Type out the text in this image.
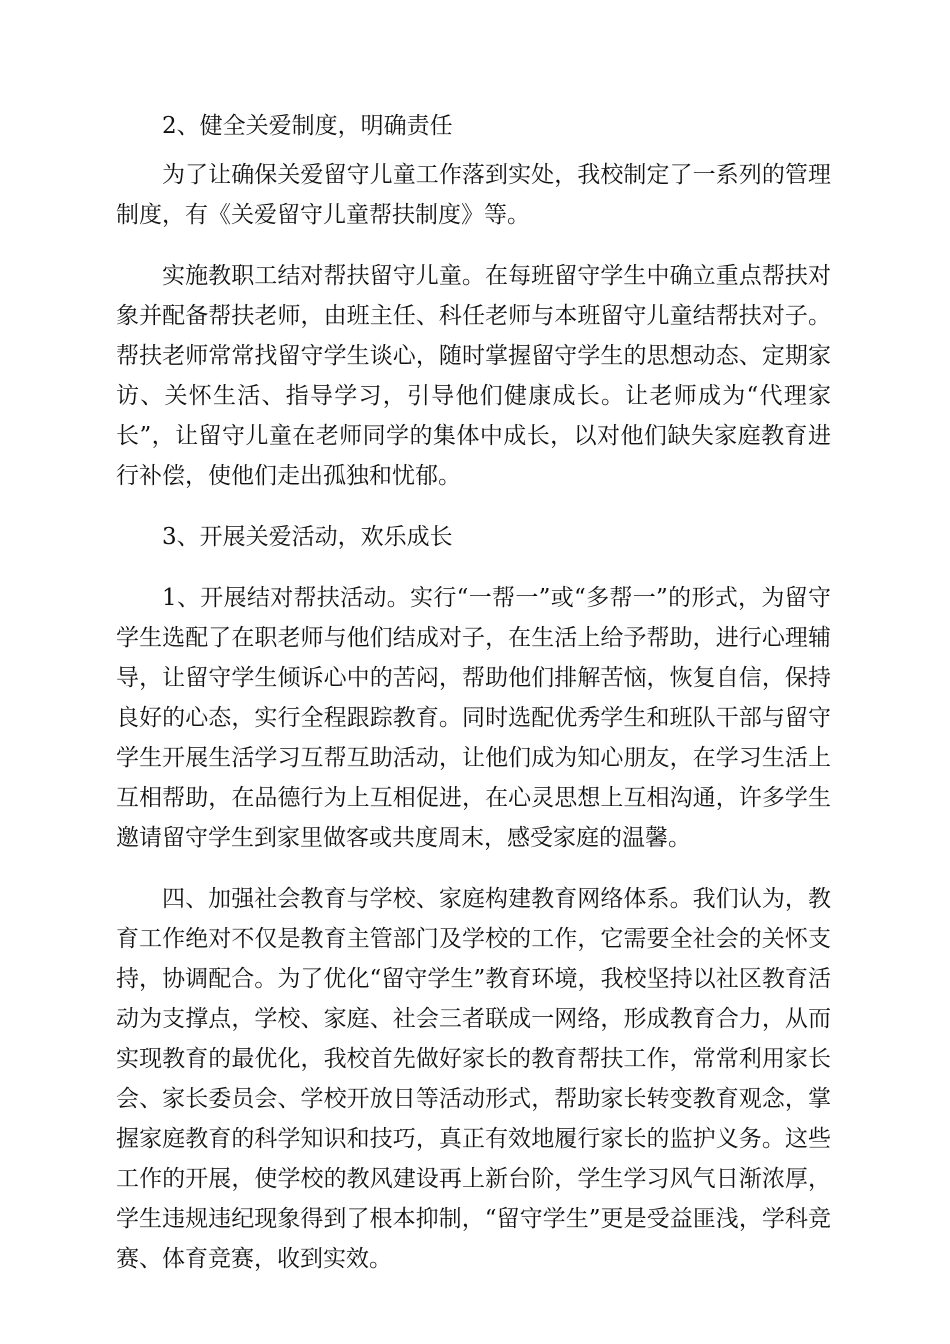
2、健全关爱制度，明确责任

为了让确保关爱留守儿童工作落到实处，我校制定了一系列的管理制度，有《关爱留守儿童帮扶制度》等。

实施教职工结对帮扶留守儿童。在每班留守学生中确立重点帮扶对象并配备帮扶老师，由班主任、科任老师与本班留守儿童结帮扶对子。帮扶老师常常找留守学生谈心，随时掌握留守学生的思想动态、定期家访、关怀生活、指导学习，引导他们健康成长。让老师成为“代理家长”，让留守儿童在老师同学的集体中成长，以对他们缺失家庭教育进行补偿，使他们走出孤独和忧郁。

3、开展关爱活动，欢乐成长

1、开展结对帮扶活动。实行“一帮一”或“多帮一”的形式，为留守学生选配了在职老师与他们结成对子，在生活上给予帮助，进行心理辅导，让留守学生倾诉心中的苦闷，帮助他们排解苦恼，恢复自信，保持良好的心态，实行全程跟踪教育。同时选配优秀学生和班队干部与留守学生开展生活学习互帮互助活动，让他们成为知心朋友，在学习生活上互相帮助，在品德行为上互相促进，在心灵思想上互相沟通，许多学生邀请留守学生到家里做客或共度周末，感受家庭的温馨。

四、加强社会教育与学校、家庭构建教育网络体系。我们认为，教育工作绝对不仅是教育主管部门及学校的工作，它需要全社会的关怀支持，协调配合。为了优化“留守学生”教育环境，我校坚持以社区教育活动为支撑点，学校、家庭、社会三者联成一网络，形成教育合力，从而实现教育的最优化，我校首先做好家长的教育帮扶工作，常常利用家长会、家长委员会、学校开放日等活动形式，帮助家长转变教育观念，掌握家庭教育的科学知识和技巧，真正有效地履行家长的监护义务。这些工作的开展，使学校的教风建设再上新台阶，学生学习风气日渐浓厚，学生违规违纪现象得到了根本抑制，“留守学生”更是受益匪浅，学科竞赛、体育竞赛，收到实效。
